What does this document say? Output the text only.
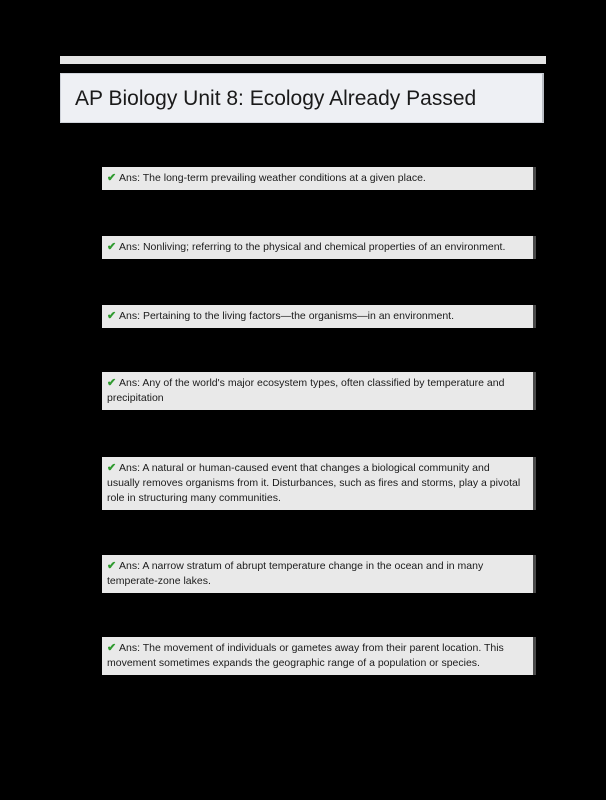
AP Biology Unit 8: Ecology Already Passed
✔ Ans: The long-term prevailing weather conditions at a given place.
✔ Ans: Nonliving; referring to the physical and chemical properties of an environment.
✔ Ans: Pertaining to the living factors—the organisms—in an environment.
✔ Ans: Any of the world's major ecosystem types, often classified by temperature and precipitation
✔ Ans: A natural or human-caused event that changes a biological community and usually removes organisms from it. Disturbances, such as fires and storms, play a pivotal role in structuring many communities.
✔ Ans: A narrow stratum of abrupt temperature change in the ocean and in many temperate-zone lakes.
✔ Ans: The movement of individuals or gametes away from their parent location. This movement sometimes expands the geographic range of a population or species.
